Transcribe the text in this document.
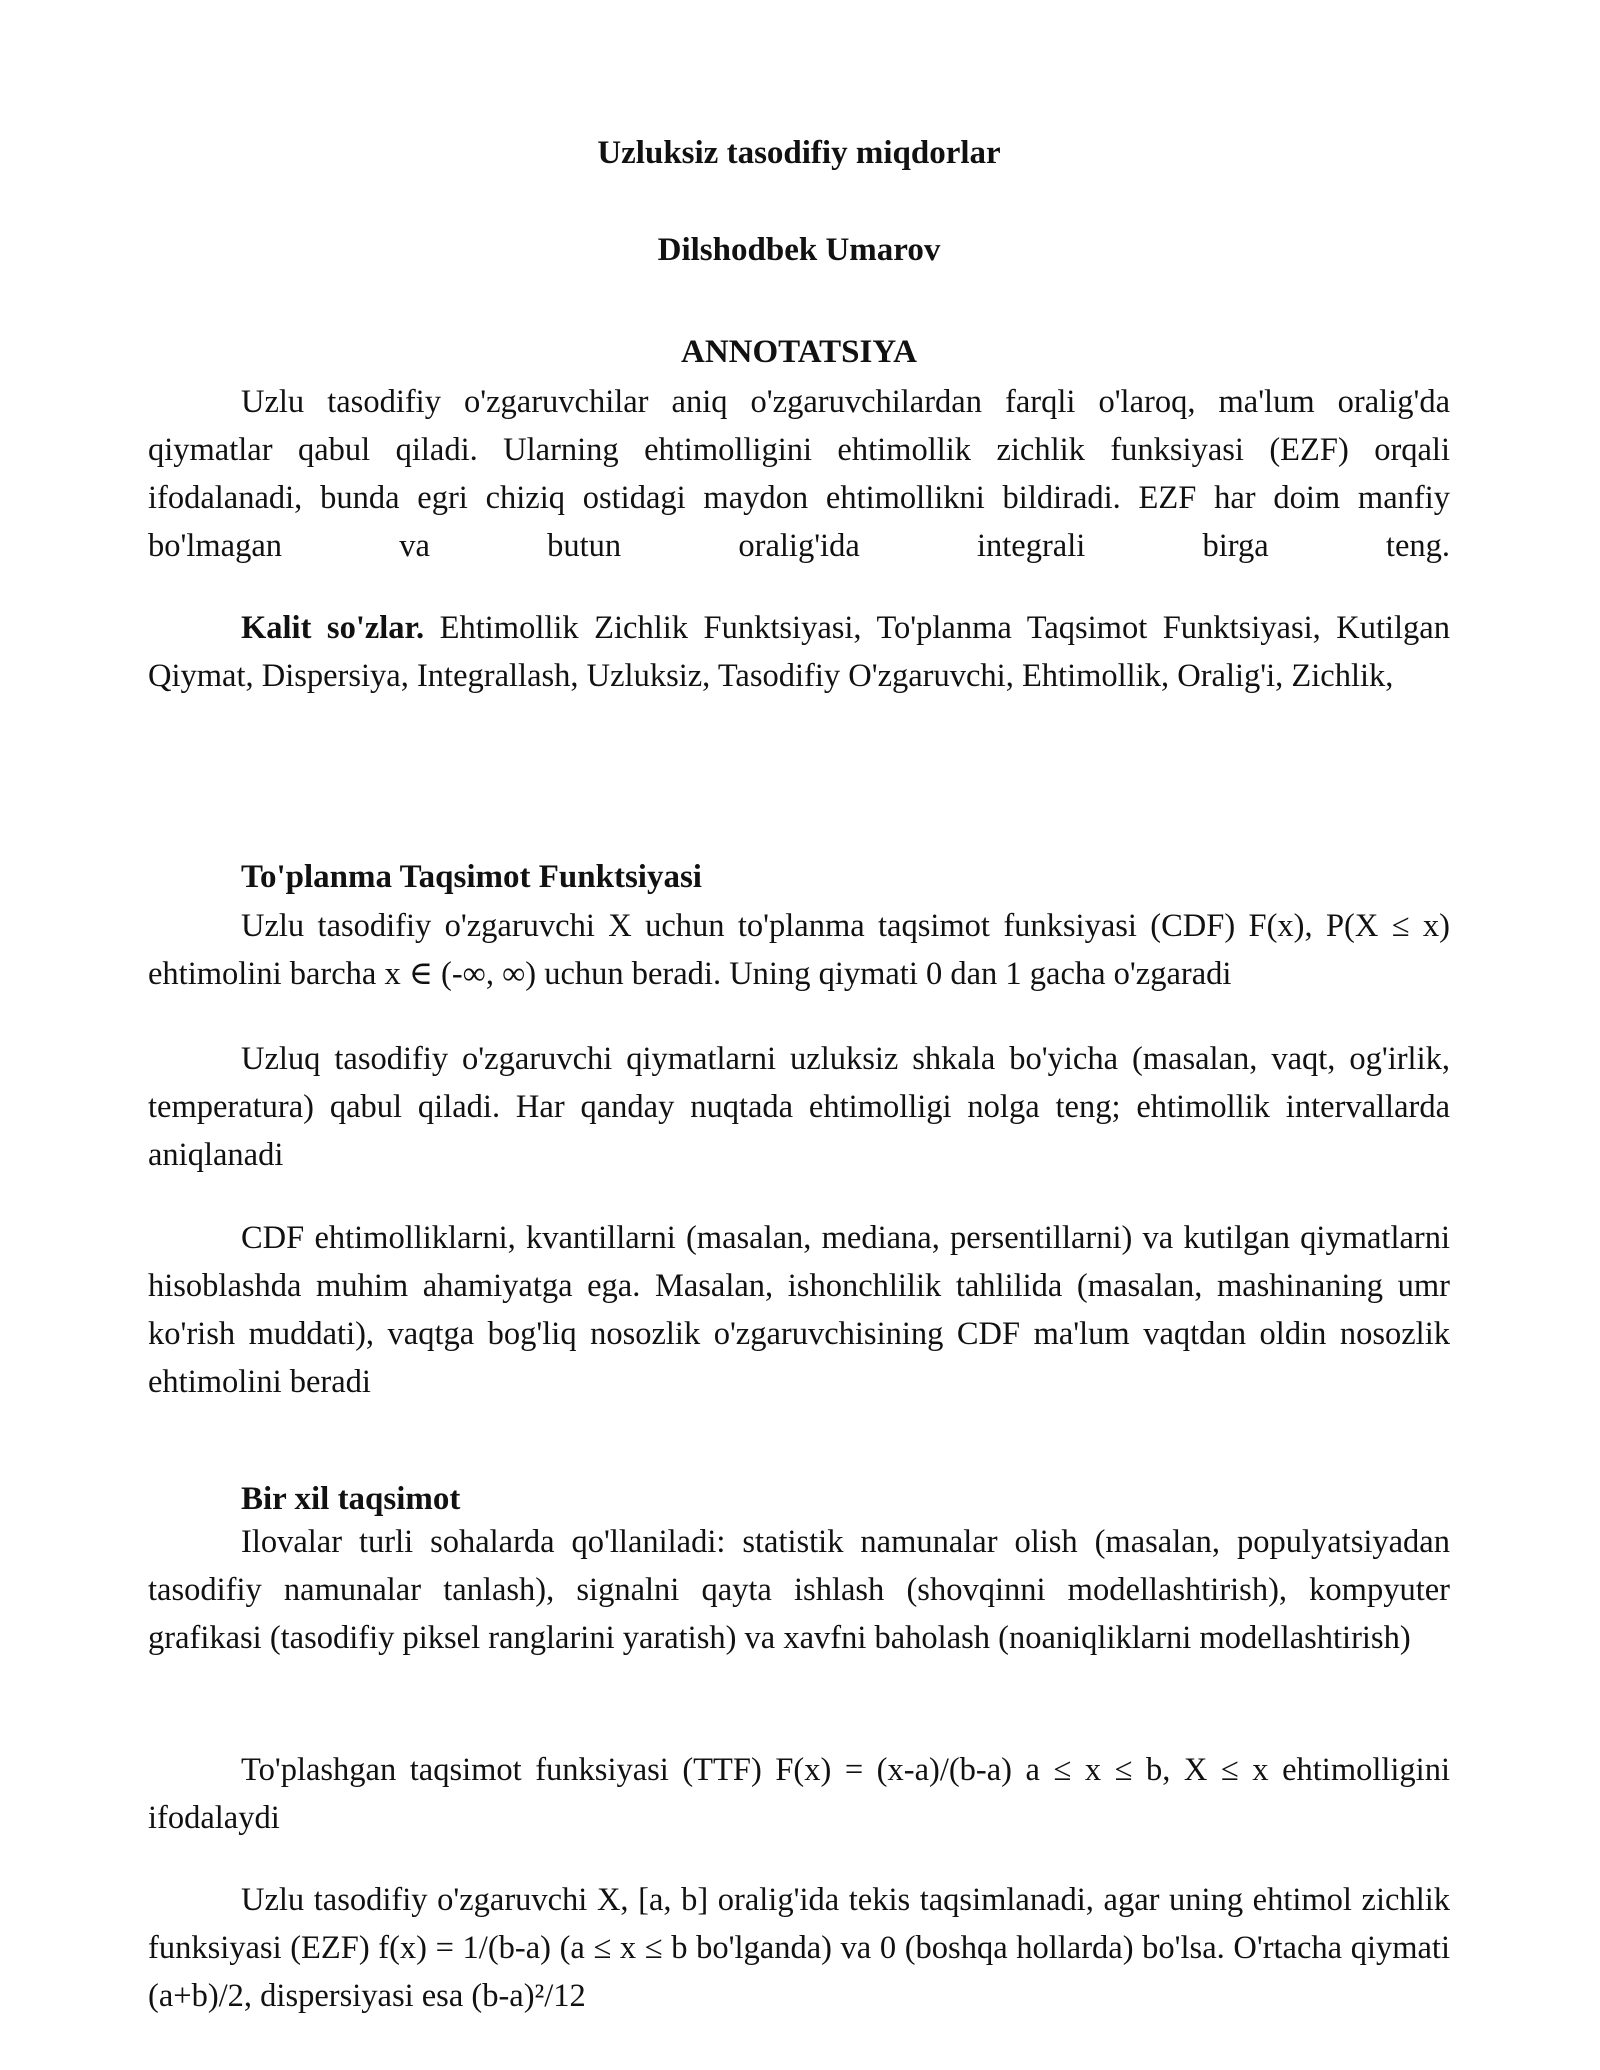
Uzluksiz tasodifiy miqdorlar
Dilshodbek Umarov
ANNOTATSIYA

Uzlu tasodifiy o'zgaruvchilar aniq o'zgaruvchilardan farqli o'laroq, ma'lum oralig'da qiymatlar qabul qiladi. Ularning ehtimolligini ehtimollik zichlik funksiyasi (EZF) orqali ifodalanadi, bunda egri chiziq ostidagi maydon ehtimollikni bildiradi. EZF har doim manfiy bo'lmagan va butun oralig'ida integrali birga teng.

Kalit so'zlar. Ehtimollik Zichlik Funktsiyasi, To'planma Taqsimot Funktsiyasi, Kutilgan Qiymat, Dispersiya, Integrallash, Uzluksiz, Tasodifiy O'zgaruvchi, Ehtimollik, Oralig'i, Zichlik,

To'planma Taqsimot Funktsiyasi

Uzlu tasodifiy o'zgaruvchi X uchun to'planma taqsimot funksiyasi (CDF) F(x), P(X ≤ x) ehtimolini barcha x ∈ (-∞, ∞) uchun beradi. Uning qiymati 0 dan 1 gacha o'zgaradi

Uzluq tasodifiy o'zgaruvchi qiymatlarni uzluksiz shkala bo'yicha (masalan, vaqt, og'irlik, temperatura) qabul qiladi. Har qanday nuqtada ehtimolligi nolga teng; ehtimollik intervallarda aniqlanadi

CDF ehtimolliklarni, kvantillarni (masalan, mediana, persentillarni) va kutilgan qiymatlarni hisoblashda muhim ahamiyatga ega. Masalan, ishonchlilik tahlilida (masalan, mashinaning umr ko'rish muddati), vaqtga bog'liq nosozlik o'zgaruvchisining CDF ma'lum vaqtdan oldin nosozlik ehtimolini beradi

Bir xil taqsimot

Ilovalar turli sohalarda qo'llaniladi: statistik namunalar olish (masalan, populyatsiyadan tasodifiy namunalar tanlash), signalni qayta ishlash (shovqinni modellashtirish), kompyuter grafikasi (tasodifiy piksel ranglarini yaratish) va xavfni baholash (noaniqliklarni modellashtirish)

To'plashgan taqsimot funksiyasi (TTF) F(x) = (x-a)/(b-a) a ≤ x ≤ b, X ≤ x ehtimolligini ifodalaydi

Uzlu tasodifiy o'zgaruvchi X, [a, b] oralig'ida tekis taqsimlanadi, agar uning ehtimol zichlik funksiyasi (EZF) f(x) = 1/(b-a) (a ≤ x ≤ b bo'lganda) va 0 (boshqa hollarda) bo'lsa. O'rtacha qiymati (a+b)/2, dispersiyasi esa (b-a)²/12
